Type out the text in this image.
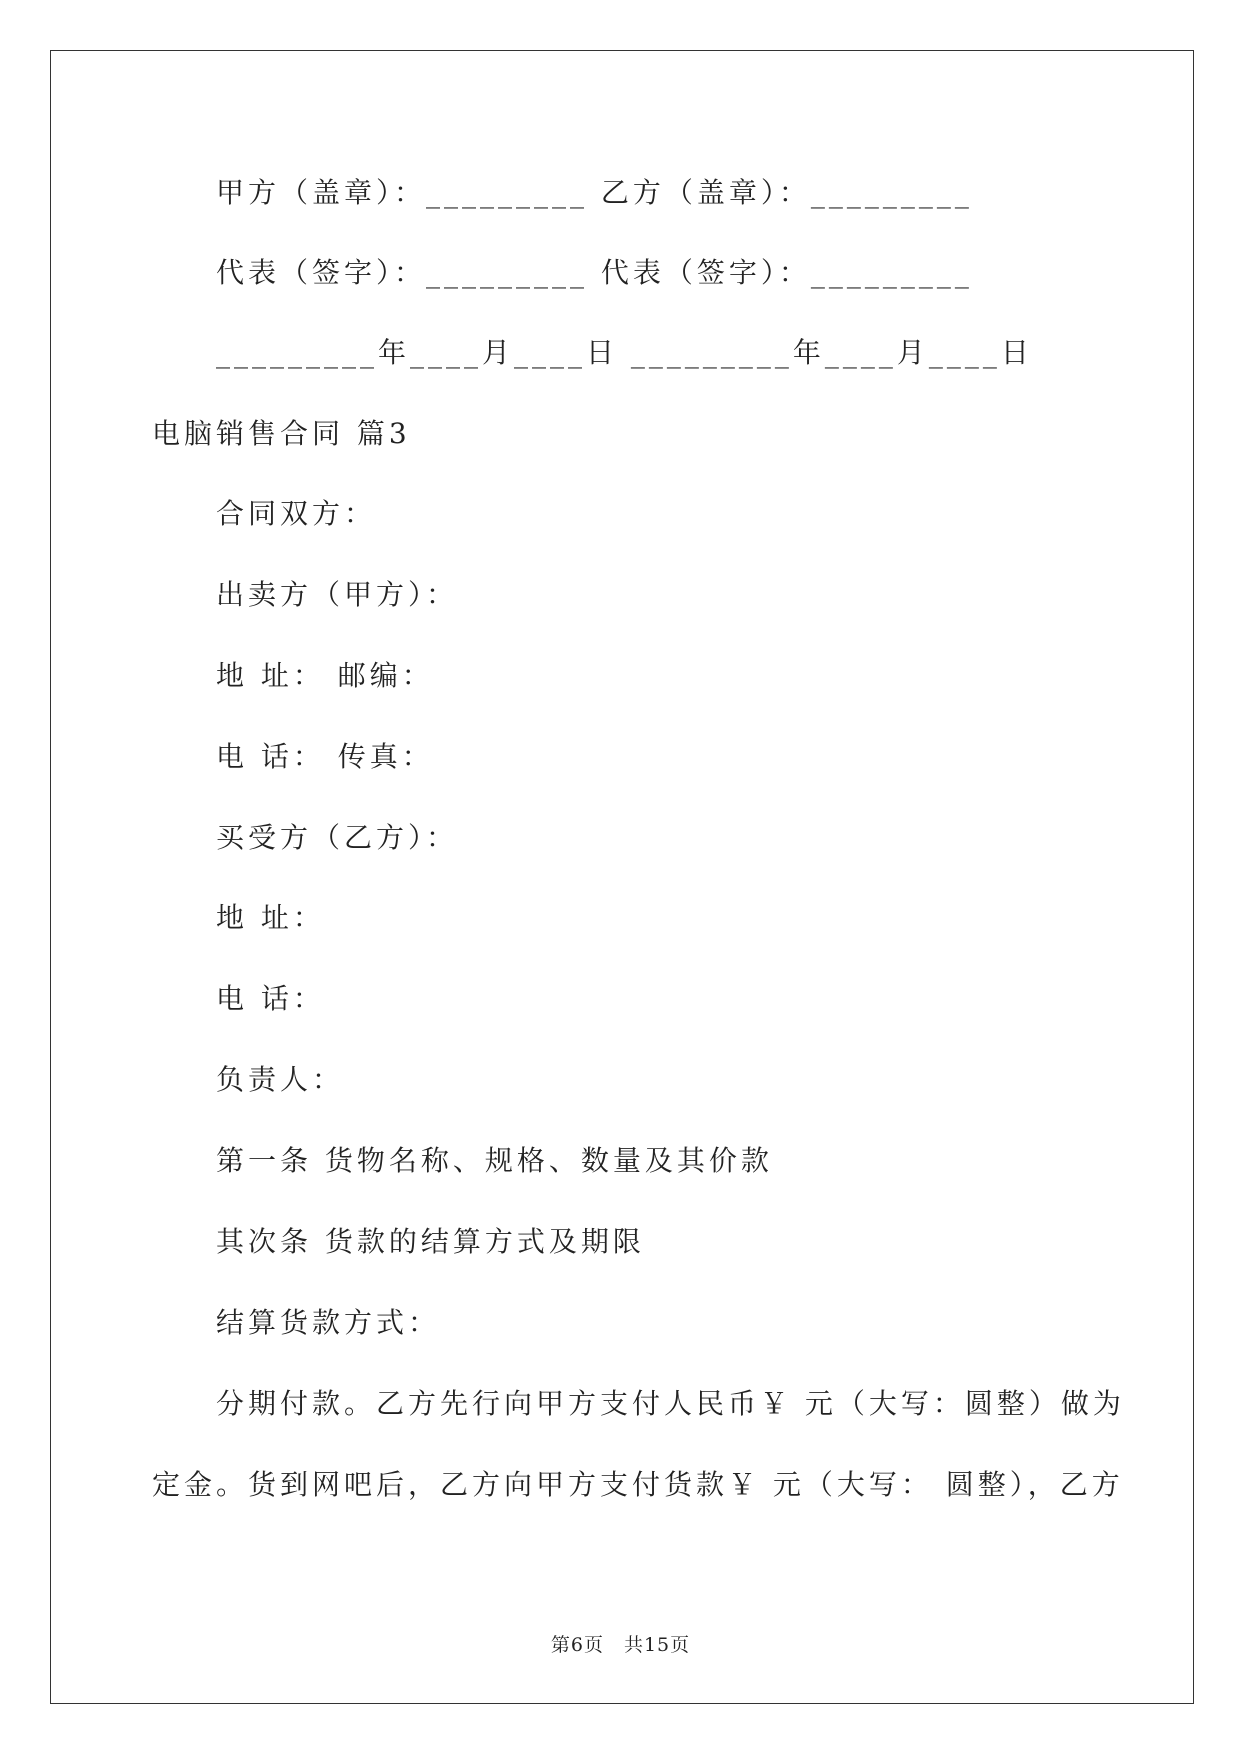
甲方（盖章）：_________ 乙方（盖章）：_________
代表（签字）：_________ 代表（签字）：_________
_________年____月____日 _________年____月____日
电脑销售合同 篇3
合同双方：
出卖方（甲方）：
地 址： 邮编：
电 话： 传真：
买受方（乙方）：
地 址：
电 话：
负责人：
第一条 货物名称、规格、数量及其价款
其次条 货款的结算方式及期限
结算货款方式：
分期付款。乙方先行向甲方支付人民币￥ 元（大写：圆整）做为
定金。货到网吧后，乙方向甲方支付货款￥ 元（大写： 圆整），乙方
第6页　共15页
